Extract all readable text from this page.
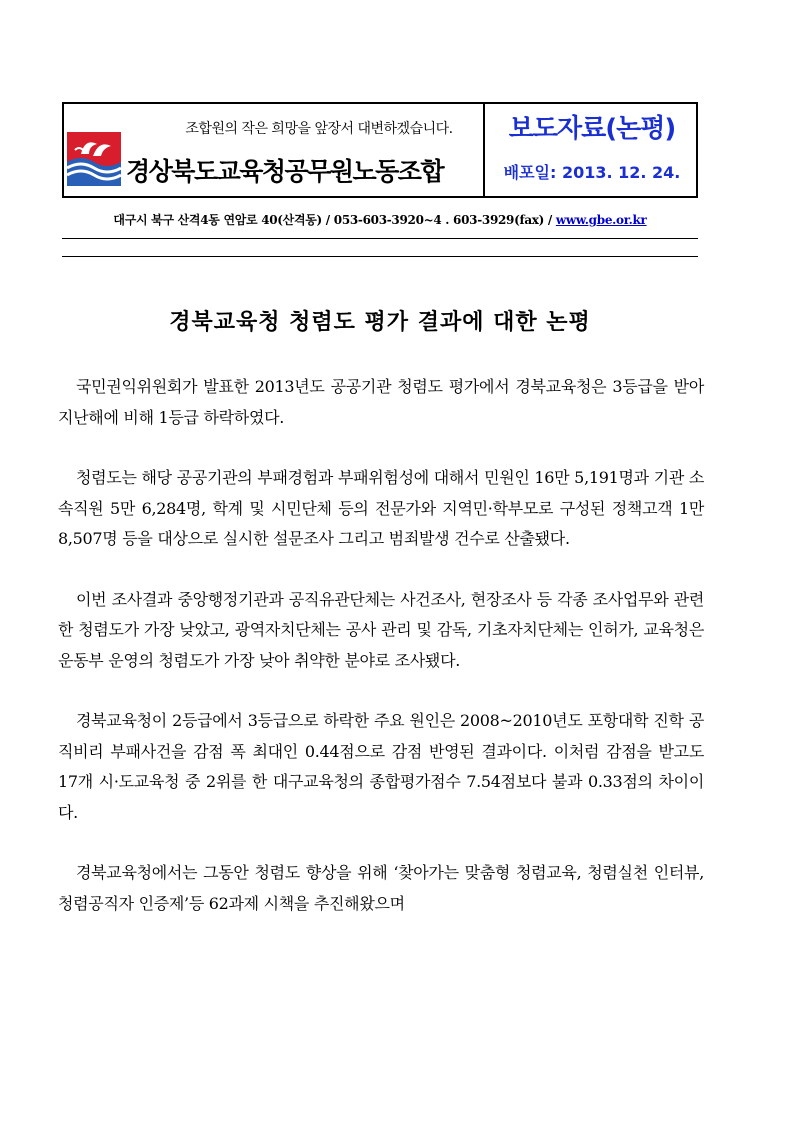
조합원의 작은 희망을 앞장서 대변하겠습니다.
경상북도교육청공무원노동조합
보도자료(논평)
배포일: 2013. 12. 24.
대구시 북구 산격4동 연암로 40(산격동) / 053-603-3920~4 . 603-3929(fax) / www.gbe.or.kr
경북교육청 청렴도 평가 결과에 대한 논평

국민권익위원회가 발표한 2013년도 공공기관 청렴도 평가에서 경북교육청은 3등급을 받아 지난해에 비해 1등급 하락하였다.

청렴도는 해당 공공기관의 부패경험과 부패위험성에 대해서 민원인 16만 5,191명과 기관 소속직원 5만 6,284명, 학계 및 시민단체 등의 전문가와 지역민·학부모로 구성된 정책고객 1만 8,507명 등을 대상으로 실시한 설문조사 그리고 범죄발생 건수로 산출됐다.

이번 조사결과 중앙행정기관과 공직유관단체는 사건조사, 현장조사 등 각종 조사업무와 관련한 청렴도가 가장 낮았고, 광역자치단체는 공사 관리 및 감독, 기초자치단체는 인허가, 교육청은 운동부 운영의 청렴도가 가장 낮아 취약한 분야로 조사됐다.

경북교육청이 2등급에서 3등급으로 하락한 주요 원인은 2008~2010년도 포항대학 진학 공직비리 부패사건을 감점 폭 최대인 0.44점으로 감점 반영된 결과이다. 이처럼 감점을 받고도 17개 시·도교육청 중 2위를 한 대구교육청의 종합평가점수 7.54점보다 불과 0.33점의 차이이다.

경북교육청에서는 그동안 청렴도 향상을 위해 ‘찾아가는 맞춤형 청렴교육, 청렴실천 인터뷰, 청렴공직자 인증제’등 62과제 시책을 추진해왔으며
